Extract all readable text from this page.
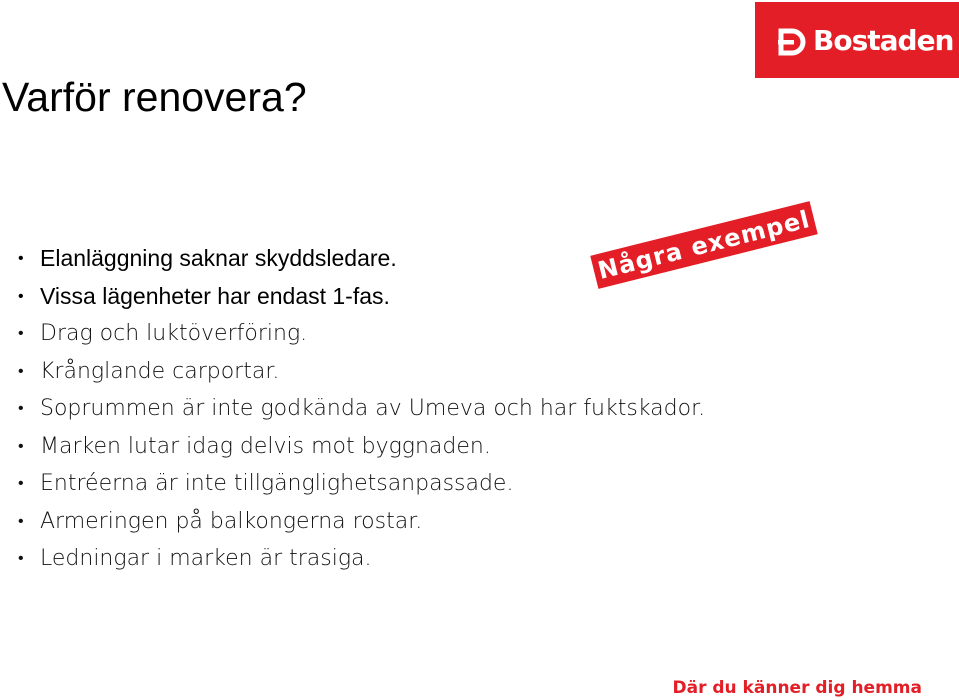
Bostaden
Varför renovera?
Några exempel
• Elanläggning saknar skyddsledare.
• Vissa lägenheter har endast 1-fas.
• Drag och luktöverföring.
• Krånglande carportar.
• Soprummen är inte godkända av Umeva och har fuktskador.
• Marken lutar idag delvis mot byggnaden.
• Entréerna är inte tillgänglighetsanpassade.
• Armeringen på balkongerna rostar.
• Ledningar i marken är trasiga.
Där du känner dig hemma
